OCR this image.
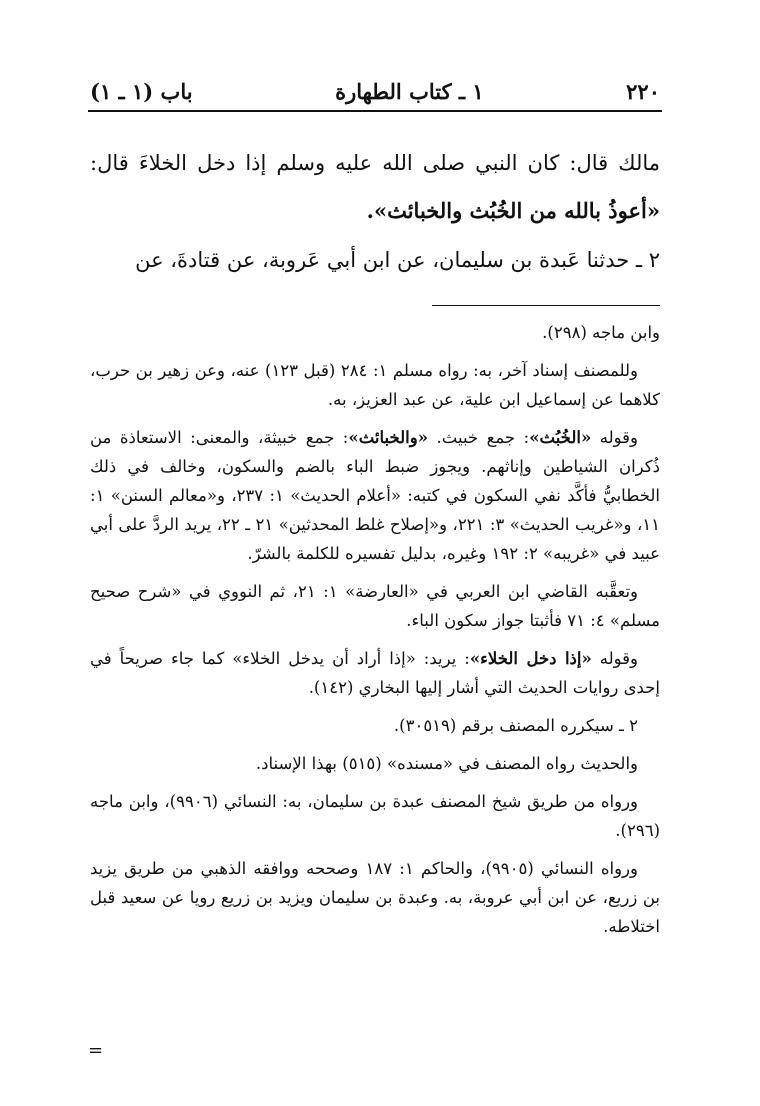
٢٢٠
١ ـ كتاب الطهارة
باب (١ ـ ١)

مالك قال: كان النبي صلى الله عليه وسلم إذا دخل الخلاءَ قال: «أعوذُ بالله من الخُبُث والخبائث».

٢ ـ حدثنا عَبدة بن سليمان، عن ابن أبي عَروبة، عن قتادةَ، عن

وابن ماجه (٢٩٨).

وللمصنف إسناد آخر، به: رواه مسلم ١: ٢٨٤ (قبل ١٢٣) عنه، وعن زهير بن حرب، كلاهما عن إسماعيل ابن علية، عن عبد العزيز، به.

وقوله «الخُبُث»: جمع خبيث. «والخبائث»: جمع خبيثة، والمعنى: الاستعاذة من ذُكران الشياطين وإناثهم. ويجوز ضبط الباء بالضم والسكون، وخالف في ذلك الخطابيُّ فأكَّد نفي السكون في كتبه: «أعلام الحديث» ١: ٢٣٧، و«معالم السنن» ١: ١١، و«غريب الحديث» ٣: ٢٢١، و«إصلاح غلط المحدثين» ٢١ ـ ٢٢، يريد الردَّ على أبي عبيد في «غريبه» ٢: ١٩٢ وغيره، بدليل تفسيره للكلمة بالشرّ.

وتعقَّبه القاضي ابن العربي في «العارضة» ١: ٢١، ثم النووي في «شرح صحيح مسلم» ٤: ٧١ فأثبتا جواز سكون الباء.

وقوله «إذا دخل الخلاء»: يريد: «إذا أراد أن يدخل الخلاء» كما جاء صريحاً في إحدى روايات الحديث التي أشار إليها البخاري (١٤٢).

٢ ـ سيكرره المصنف برقم (٣٠٥١٩).

والحديث رواه المصنف في «مسنده» (٥١٥) بهذا الإسناد.

ورواه من طريق شيخ المصنف عبدة بن سليمان، به: النسائي (٩٩٠٦)، وابن ماجه (٢٩٦).

ورواه النسائي (٩٩٠٥)، والحاكم ١: ١٨٧ وصححه ووافقه الذهبي من طريق يزيد بن زريع، عن ابن أبي عروبة، به. وعبدة بن سليمان ويزيد بن زريع رويا عن سعيد قبل اختلاطه.

=
